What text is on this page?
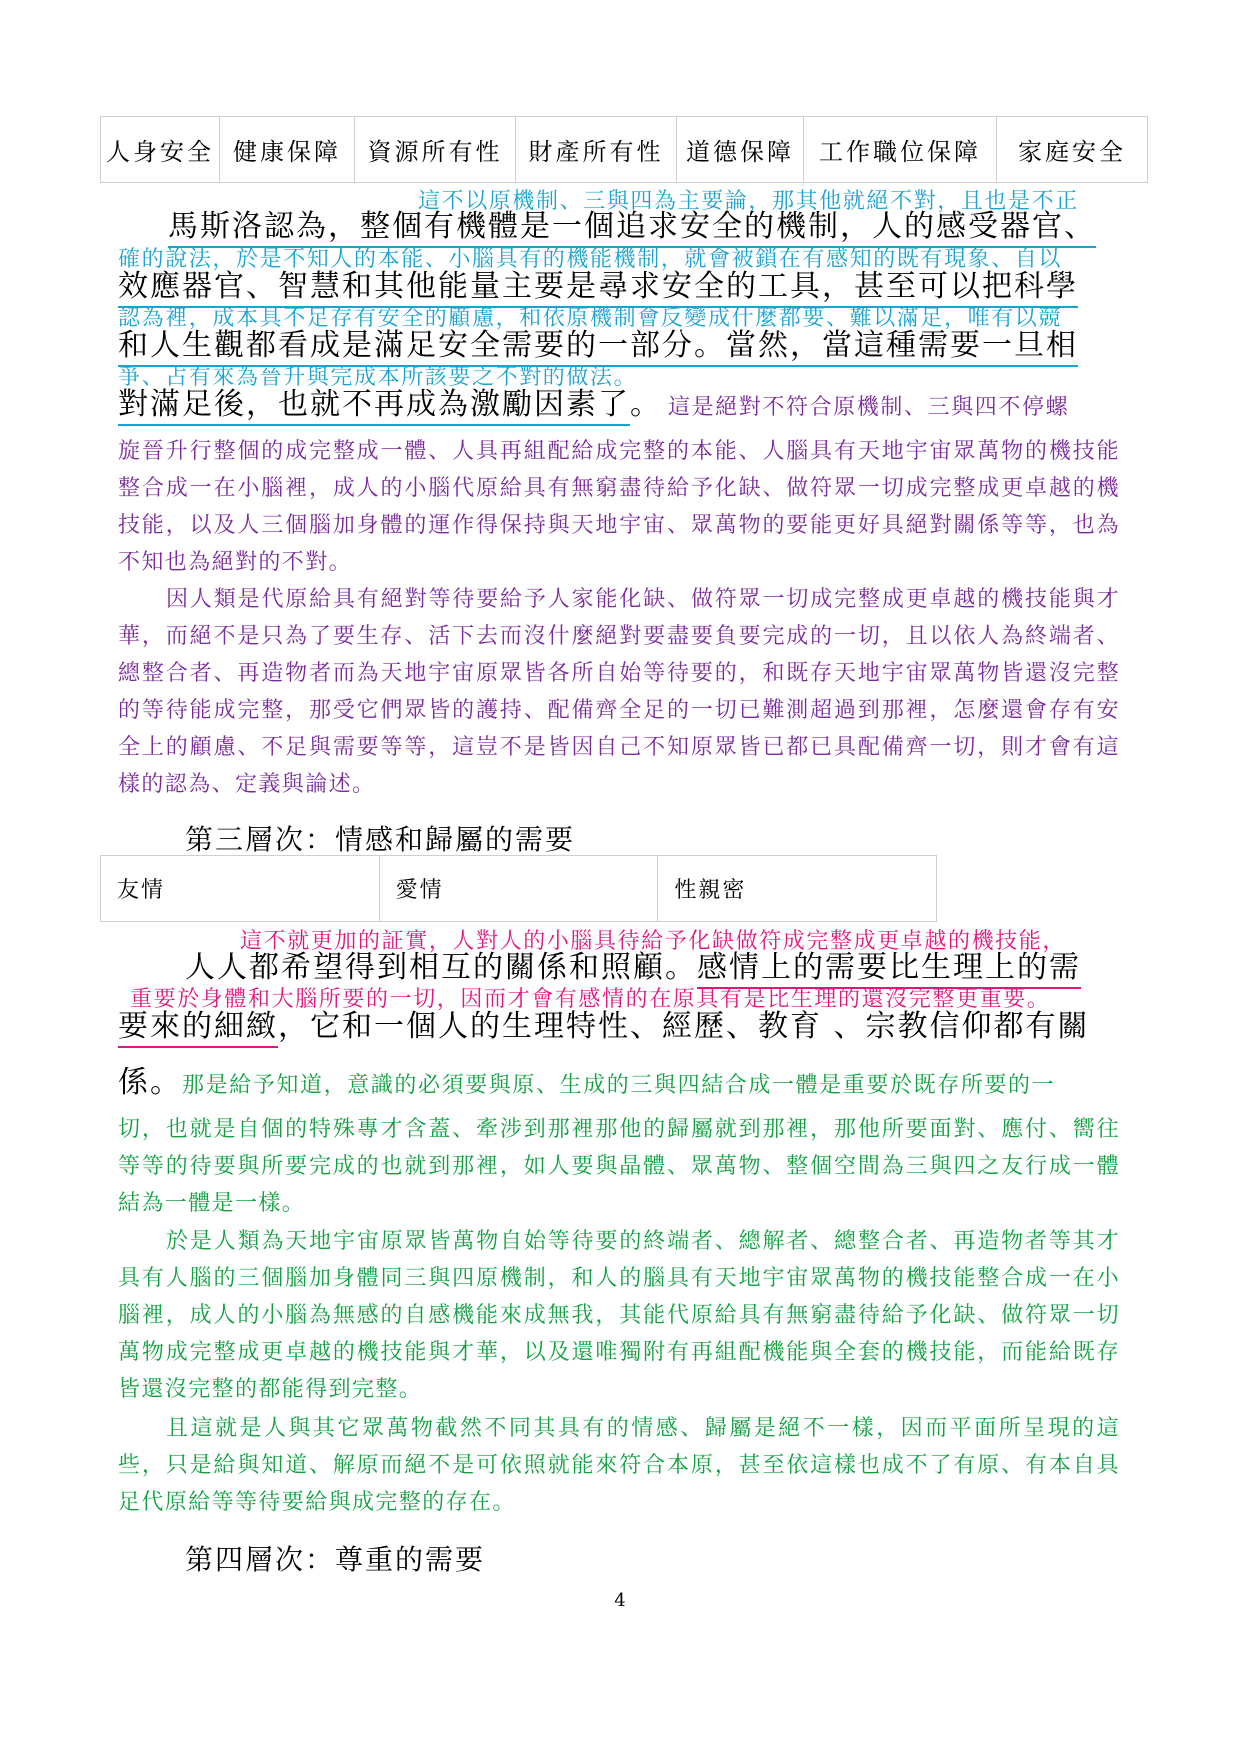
人身安全	健康保障	資源所有性	財產所有性	道德保障	工作職位保障	家庭安全
這不以原機制、三與四為主要論，那其他就絕不對，且也是不正
馬斯洛認為，整個有機體是一個追求安全的機制，人的感受器官、
確的說法，於是不知人的本能、小腦具有的機能機制，就會被鎖在有感知的既有現象、自以
效應器官、智慧和其他能量主要是尋求安全的工具，甚至可以把科學
認為裡，成本具不足存有安全的顧慮，和依原機制會反變成什麼都要、難以滿足，唯有以競
和人生觀都看成是滿足安全需要的一部分。當然，當這種需要一旦相
爭、占有來為晉升與完成本所該要之不對的做法。
對滿足後，也就不再成為激勵因素了。 這是絕對不符合原機制、三與四不停螺

旋晉升行整個的成完整成一體、人具再組配給成完整的本能、人腦具有天地宇宙眾萬物的機技能整合成一在小腦裡，成人的小腦代原給具有無窮盡待給予化缺、做符眾一切成完整成更卓越的機技能，以及人三個腦加身體的運作得保持與天地宇宙、眾萬物的要能更好具絕對關係等等，也為不知也為絕對的不對。

因人類是代原給具有絕對等待要給予人家能化缺、做符眾一切成完整成更卓越的機技能與才華，而絕不是只為了要生存、活下去而沒什麼絕對要盡要負要完成的一切，且以依人為終端者、總整合者、再造物者而為天地宇宙原眾皆各所自始等待要的，和既存天地宇宙眾萬物皆還沒完整的等待能成完整，那受它們眾皆的護持、配備齊全足的一切已難測超過到那裡，怎麼還會存有安全上的顧慮、不足與需要等等，這豈不是皆因自己不知原眾皆已都已具配備齊一切，則才會有這樣的認為、定義與論述。

第三層次：情感和歸屬的需要
友情	愛情	性親密
這不就更加的証實，人對人的小腦具待給予化缺做符成完整成更卓越的機技能，
人人都希望得到相互的關係和照顧。感情上的需要比生理上的需
重要於身體和大腦所要的一切，因而才會有感情的在原具有是比生理的還沒完整更重要。
要來的細緻，它和一個人的生理特性、經歷、教育 、宗教信仰都有關
係。那是給予知道，意識的必須要與原、生成的三與四結合成一體是重要於既存所要的一

切，也就是自個的特殊專才含蓋、牽涉到那裡那他的歸屬就到那裡，那他所要面對、應付、嚮往等等的待要與所要完成的也就到那裡，如人要與晶體、眾萬物、整個空間為三與四之友行成一體結為一體是一樣。

於是人類為天地宇宙原眾皆萬物自始等待要的終端者、總解者、總整合者、再造物者等其才具有人腦的三個腦加身體同三與四原機制，和人的腦具有天地宇宙眾萬物的機技能整合成一在小腦裡，成人的小腦為無感的自感機能來成無我，其能代原給具有無窮盡待給予化缺、做符眾一切萬物成完整成更卓越的機技能與才華，以及還唯獨附有再組配機能與全套的機技能，而能給既存皆還沒完整的都能得到完整。

且這就是人與其它眾萬物截然不同其具有的情感、歸屬是絕不一樣，因而平面所呈現的這些，只是給與知道、解原而絕不是可依照就能來符合本原，甚至依這樣也成不了有原、有本自具足代原給等等待要給與成完整的存在。

第四層次：尊重的需要
4
